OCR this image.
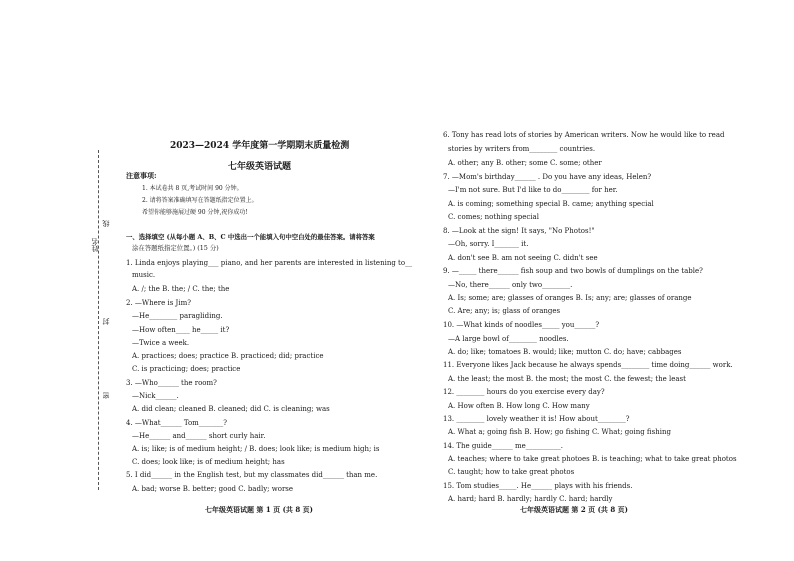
姓名
线
封
密
2023—2024 学年度第一学期期末质量检测
七年级英语试题
注意事项:
1. 本试卷共 8 页,考试时间 90 分钟。
2. 请将答案准确填写在答题纸指定位置上。
希望你能够施展过硬 90 分钟,祝你成功!
一、选择填空 (从每小题 A、B、C 中选出一个能填入句中空白处的最佳答案。请将答案
涂在答题纸指定位置。) (15 分)
1. Linda enjoys playing___ piano, and her parents are interested in listening to__
music.
A. /; the B. the; / C. the; the
2. —Where is Jim?
—He________ paragliding.
—How often____ he_____ it?
—Twice a week.
A. practices; does; practice B. practiced; did; practice
C. is practicing; does; practice
3. —Who______ the room?
—Nick______.
A. did clean; cleaned B. cleaned; did C. is cleaning; was
4. —What______ Tom_______?
—He______ and______ short curly hair.
A. is; like; is of medium height; / B. does; look like; is medium high; is
C. does; look like; is of medium height; has
5. I did______ in the English test, but my classmates did______ than me.
A. bad; worse B. better; good C. badly; worse
6. Tony has read lots of stories by American writers. Now he would like to read
stories by writers from________ countries.
A. other; any B. other; some C. some; other
7. —Mom's birthday______ . Do you have any ideas, Helen?
—I'm not sure. But I'd like to do________ for her.
A. is coming; something special B. came; anything special
C. comes; nothing special
8. —Look at the sign! It says, "No Photos!"
—Oh, sorry. I_______ it.
A. don't see B. am not seeing C. didn't see
9. —_____ there______ fish soup and two bowls of dumplings on the table?
—No, there______ only two________.
A. Is; some; are; glasses of oranges B. Is; any; are; glasses of orange
C. Are; any; is; glass of oranges
10. —What kinds of noodles_____ you______?
—A large bowl of________ noodles.
A. do; like; tomatoes B. would; like; mutton C. do; have; cabbages
11. Everyone likes Jack because he always spends________ time doing______ work.
A. the least; the most B. the most; the most C. the fewest; the least
12. ________ hours do you exercise every day?
A. How often B. How long C. How many
13. ________ lovely weather it is! How about________?
A. What a; going fish B. How; go fishing C. What; going fishing
14. The guide______ me__________.
A. teaches; where to take great photoes B. is teaching; what to take great photos
C. taught; how to take great photos
15. Tom studies_____. He______ plays with his friends.
A. hard; hard B. hardly; hardly C. hard; hardly
七年级英语试题 第 1 页 (共 8 页)	七年级英语试题 第 2 页 (共 8 页)
